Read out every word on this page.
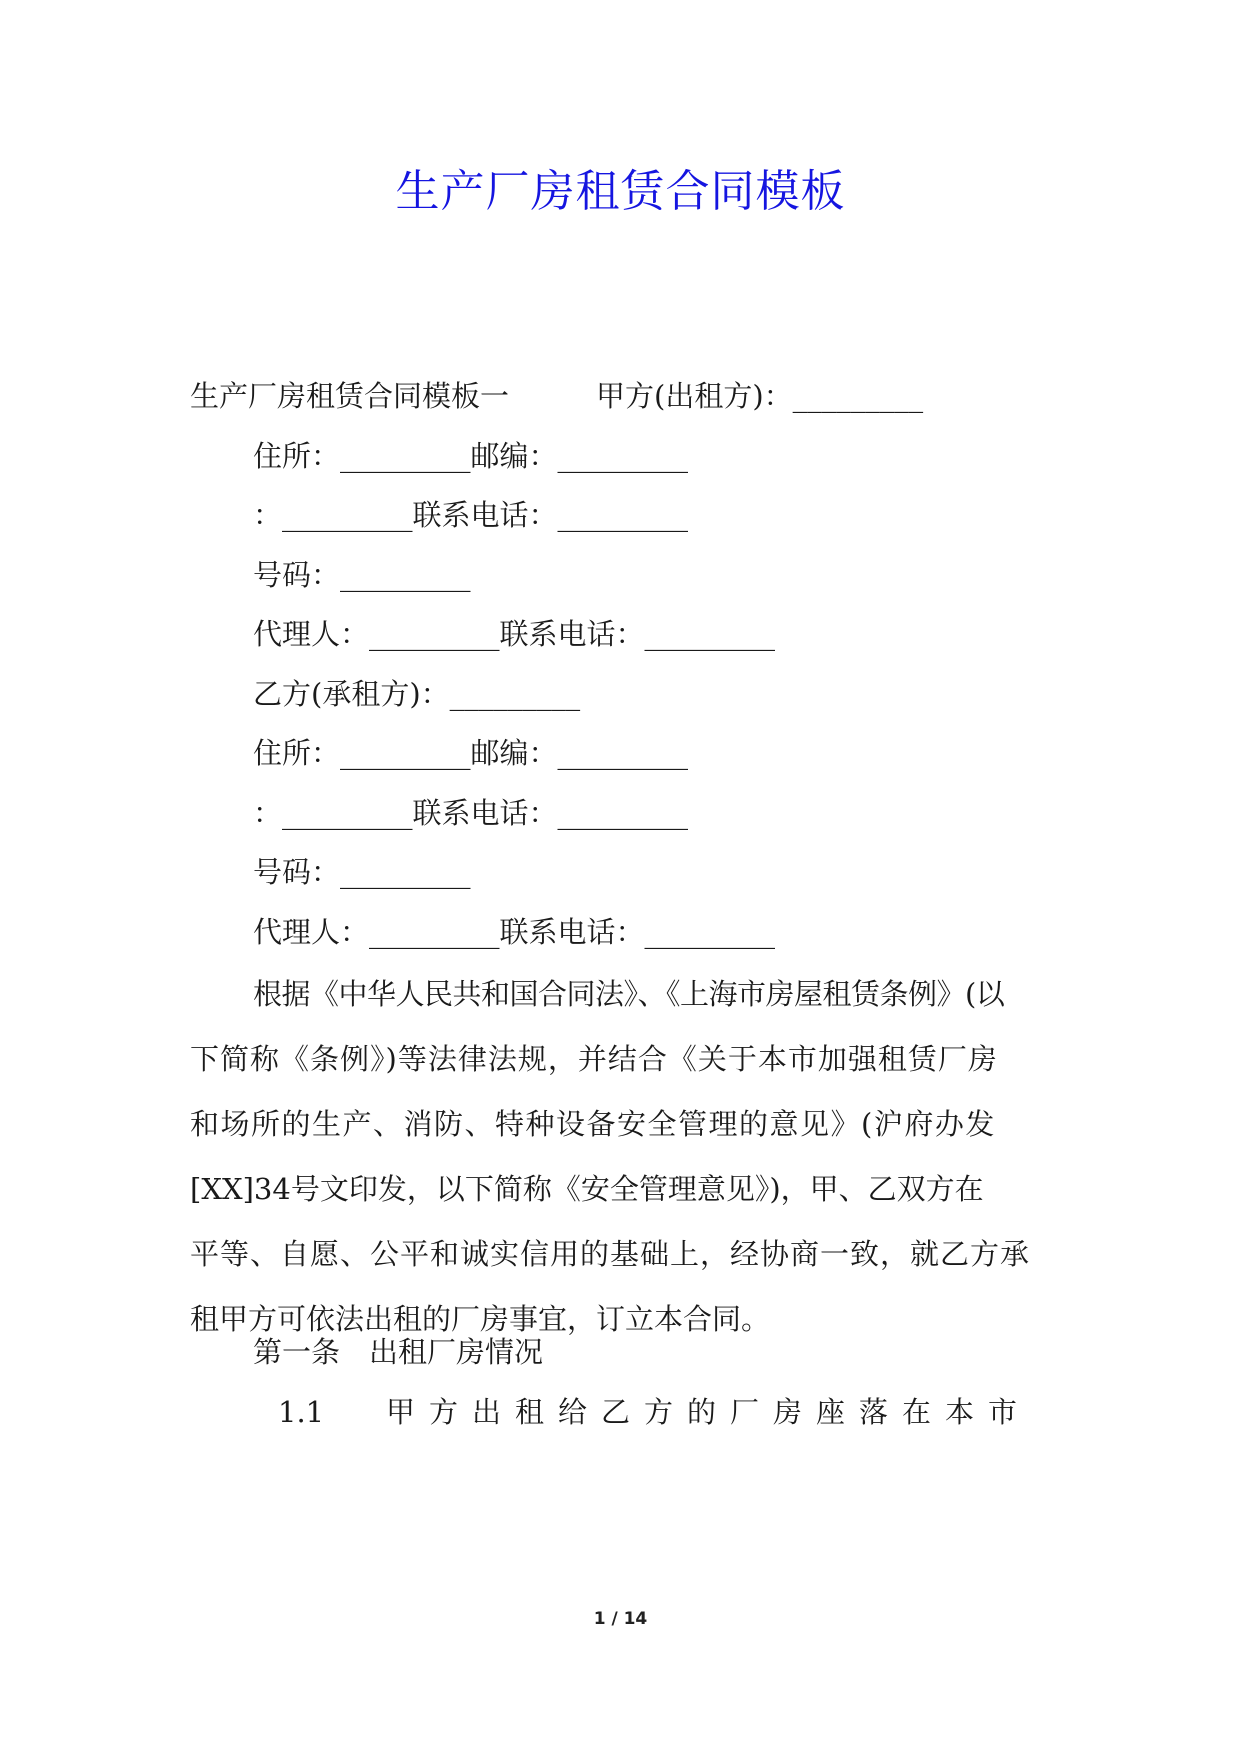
生产厂房租赁合同模板
生产厂房租赁合同模板一　　　甲方(出租方)：_________
住所：_________邮编：_________
：_________联系电话：_________
号码：_________
代理人：_________联系电话：_________
乙方(承租方)：_________
住所：_________邮编：_________
：_________联系电话：_________
号码：_________
代理人：_________联系电话：_________
根据《中华人民共和国合同法》、《上海市房屋租赁条例》(以
下简称《条例》)等法律法规，并结合《关于本市加强租赁厂房
和场所的生产、消防、特种设备安全管理的意见》(沪府办发
[XX]34号文印发，以下简称《安全管理意见》)，甲、乙双方在
平等、自愿、公平和诚实信用的基础上，经协商一致，就乙方承
租甲方可依法出租的厂房事宜，订立本合同。
第一条　出租厂房情况
1.1 甲方出租给乙方的厂房座落在本市
1 / 14
